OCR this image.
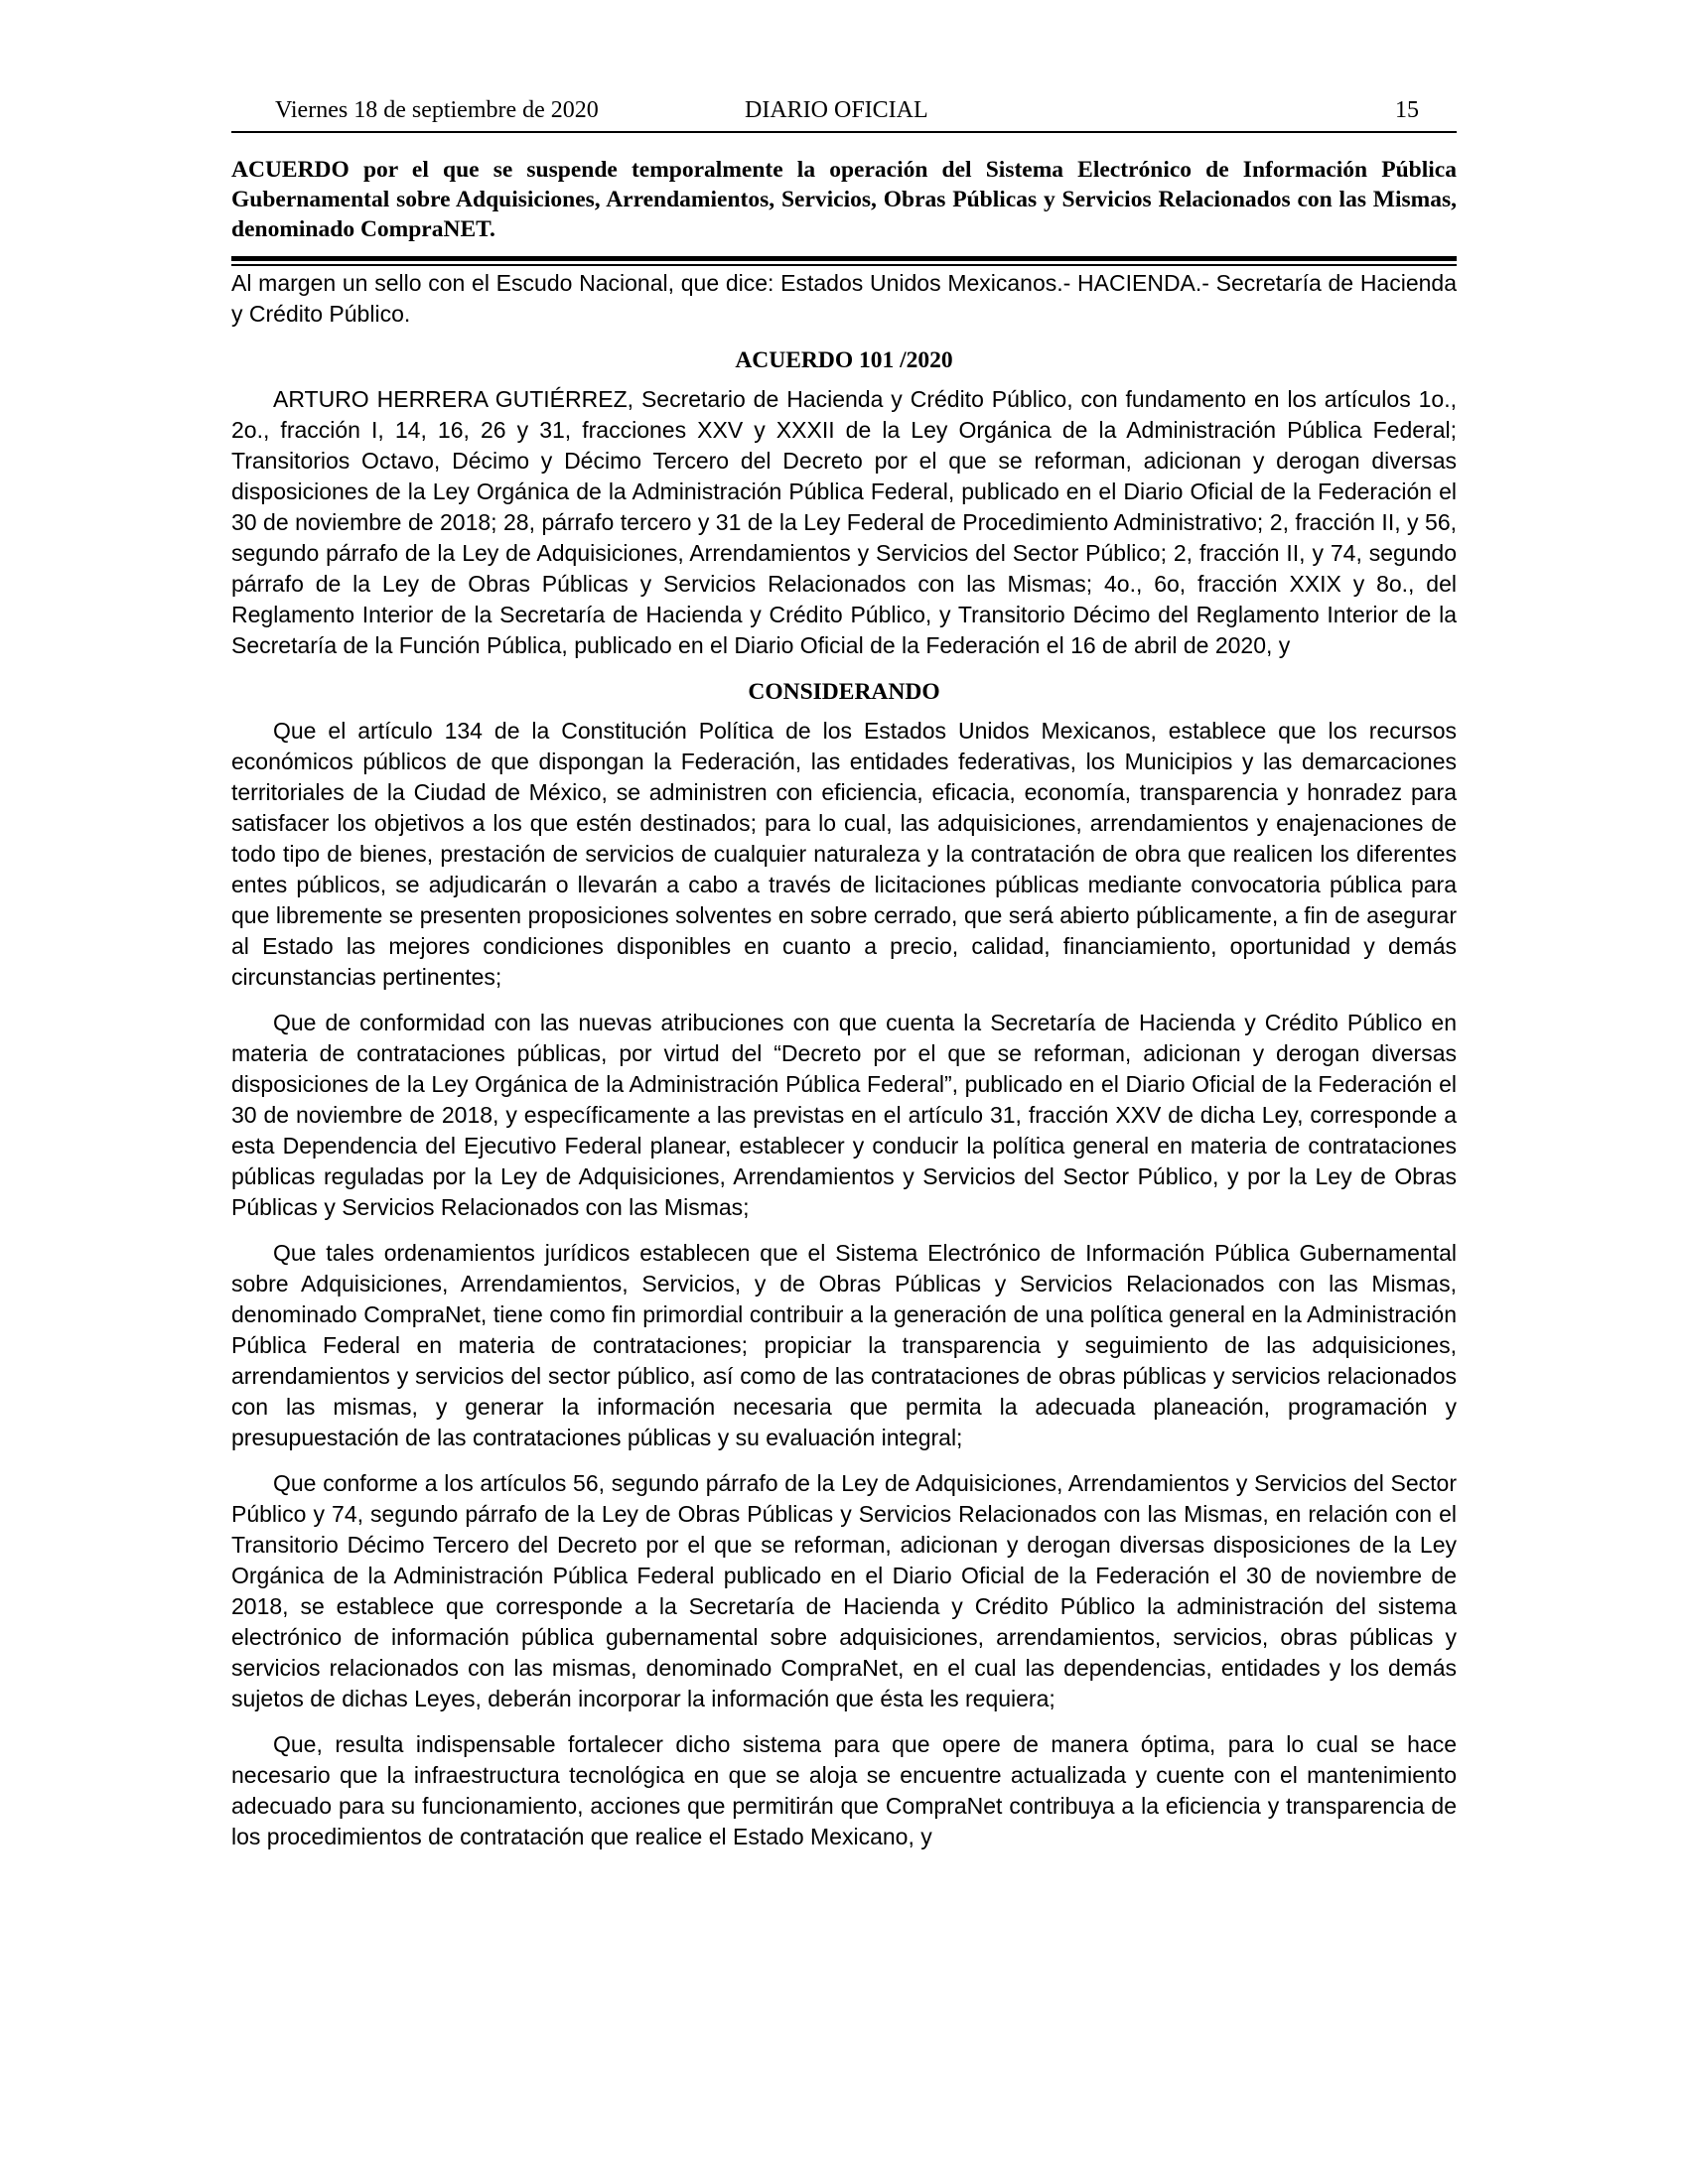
Viernes 18 de septiembre de 2020	DIARIO OFICIAL	15

ACUERDO por el que se suspende temporalmente la operación del Sistema Electrónico de Información Pública Gubernamental sobre Adquisiciones, Arrendamientos, Servicios, Obras Públicas y Servicios Relacionados con las Mismas, denominado CompraNET.

Al margen un sello con el Escudo Nacional, que dice: Estados Unidos Mexicanos.- HACIENDA.- Secretaría de Hacienda y Crédito Público.

ACUERDO 101 /2020

ARTURO HERRERA GUTIÉRREZ, Secretario de Hacienda y Crédito Público, con fundamento en los artículos 1o., 2o., fracción I, 14, 16, 26 y 31, fracciones XXV y XXXII de la Ley Orgánica de la Administración Pública Federal; Transitorios Octavo, Décimo y Décimo Tercero del Decreto por el que se reforman, adicionan y derogan diversas disposiciones de la Ley Orgánica de la Administración Pública Federal, publicado en el Diario Oficial de la Federación el 30 de noviembre de 2018; 28, párrafo tercero y 31 de la Ley Federal de Procedimiento Administrativo; 2, fracción II, y 56, segundo párrafo de la Ley de Adquisiciones, Arrendamientos y Servicios del Sector Público; 2, fracción II, y 74, segundo párrafo de la Ley de Obras Públicas y Servicios Relacionados con las Mismas; 4o., 6o, fracción XXIX y 8o., del Reglamento Interior de la Secretaría de Hacienda y Crédito Público, y Transitorio Décimo del Reglamento Interior de la Secretaría de la Función Pública, publicado en el Diario Oficial de la Federación el 16 de abril de 2020, y

CONSIDERANDO

Que el artículo 134 de la Constitución Política de los Estados Unidos Mexicanos, establece que los recursos económicos públicos de que dispongan la Federación, las entidades federativas, los Municipios y las demarcaciones territoriales de la Ciudad de México, se administren con eficiencia, eficacia, economía, transparencia y honradez para satisfacer los objetivos a los que estén destinados; para lo cual, las adquisiciones, arrendamientos y enajenaciones de todo tipo de bienes, prestación de servicios de cualquier naturaleza y la contratación de obra que realicen los diferentes entes públicos, se adjudicarán o llevarán a cabo a través de licitaciones públicas mediante convocatoria pública para que libremente se presenten proposiciones solventes en sobre cerrado, que será abierto públicamente, a fin de asegurar al Estado las mejores condiciones disponibles en cuanto a precio, calidad, financiamiento, oportunidad y demás circunstancias pertinentes;

Que de conformidad con las nuevas atribuciones con que cuenta la Secretaría de Hacienda y Crédito Público en materia de contrataciones públicas, por virtud del “Decreto por el que se reforman, adicionan y derogan diversas disposiciones de la Ley Orgánica de la Administración Pública Federal”, publicado en el Diario Oficial de la Federación el 30 de noviembre de 2018, y específicamente a las previstas en el artículo 31, fracción XXV de dicha Ley, corresponde a esta Dependencia del Ejecutivo Federal planear, establecer y conducir la política general en materia de contrataciones públicas reguladas por la Ley de Adquisiciones, Arrendamientos y Servicios del Sector Público, y por la Ley de Obras Públicas y Servicios Relacionados con las Mismas;

Que tales ordenamientos jurídicos establecen que el Sistema Electrónico de Información Pública Gubernamental sobre Adquisiciones, Arrendamientos, Servicios, y de Obras Públicas y Servicios Relacionados con las Mismas, denominado CompraNet, tiene como fin primordial contribuir a la generación de una política general en la Administración Pública Federal en materia de contrataciones; propiciar la transparencia y seguimiento de las adquisiciones, arrendamientos y servicios del sector público, así como de las contrataciones de obras públicas y servicios relacionados con las mismas, y generar la información necesaria que permita la adecuada planeación, programación y presupuestación de las contrataciones públicas y su evaluación integral;

Que conforme a los artículos 56, segundo párrafo de la Ley de Adquisiciones, Arrendamientos y Servicios del Sector Público y 74, segundo párrafo de la Ley de Obras Públicas y Servicios Relacionados con las Mismas, en relación con el Transitorio Décimo Tercero del Decreto por el que se reforman, adicionan y derogan diversas disposiciones de la Ley Orgánica de la Administración Pública Federal publicado en el Diario Oficial de la Federación el 30 de noviembre de 2018, se establece que corresponde a la Secretaría de Hacienda y Crédito Público la administración del sistema electrónico de información pública gubernamental sobre adquisiciones, arrendamientos, servicios, obras públicas y servicios relacionados con las mismas, denominado CompraNet, en el cual las dependencias, entidades y los demás sujetos de dichas Leyes, deberán incorporar la información que ésta les requiera;

Que, resulta indispensable fortalecer dicho sistema para que opere de manera óptima, para lo cual se hace necesario que la infraestructura tecnológica en que se aloja se encuentre actualizada y cuente con el mantenimiento adecuado para su funcionamiento, acciones que permitirán que CompraNet contribuya a la eficiencia y transparencia de los procedimientos de contratación que realice el Estado Mexicano, y
